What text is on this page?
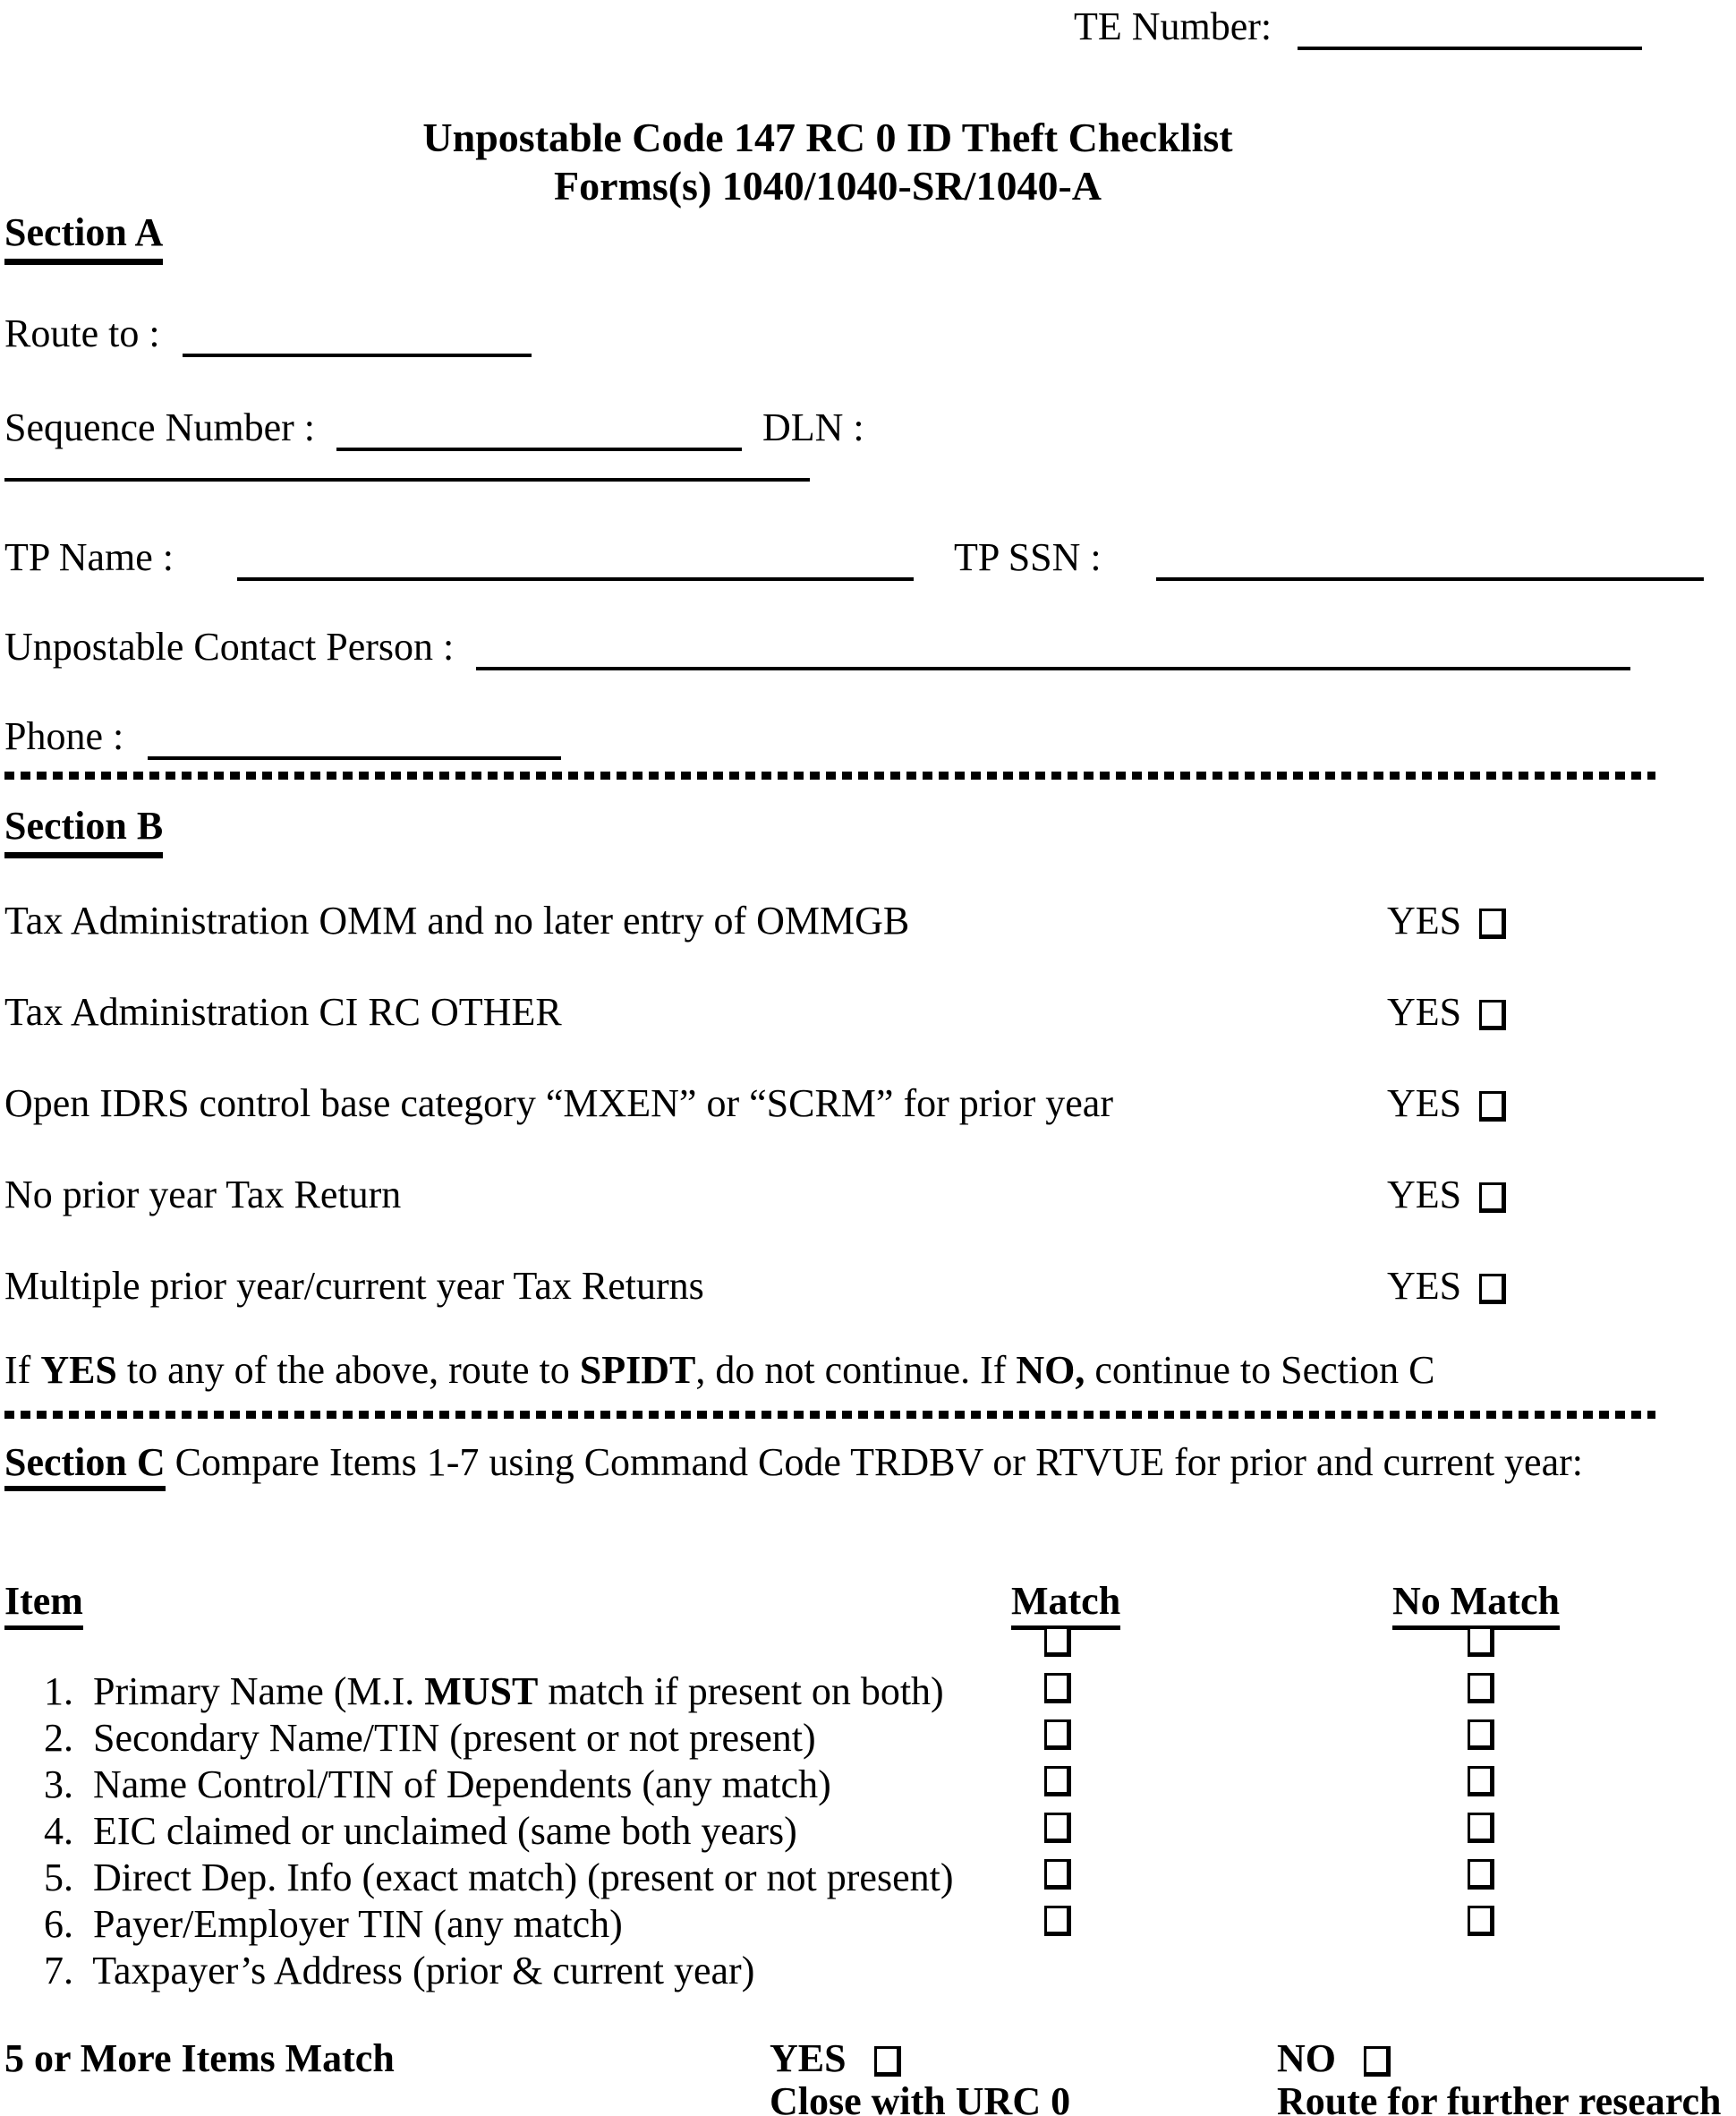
TE Number:
Unpostable Code 147 RC 0 ID Theft Checklist
Forms(s) 1040/1040-SR/1040-A
Section A
Route to :
Sequence Number :	DLN :
TP Name :	TP SSN :
Unpostable Contact Person :
Phone :
Section B
Tax Administration OMM and no later entry of OMMGB	YES
Tax Administration CI RC OTHER	YES
Open IDRS control base category “MXEN” or “SCRM” for prior year	YES
No prior year Tax Return	YES
Multiple prior year/current year Tax Returns	YES
If YES to any of the above, route to SPIDT, do not continue. If NO, continue to Section C
Section C Compare Items 1-7 using Command Code TRDBV or RTVUE for prior and current year:
Item	Match	No Match

1.  Primary Name (M.I. MUST match if present on both)

2.  Secondary Name/TIN (present or not present)

3.  Name Control/TIN of Dependents (any match)

4.  EIC claimed or unclaimed (same both years)

5.  Direct Dep. Info (exact match) (present or not present)

6.  Payer/Employer TIN (any match)

7.  Taxpayer’s Address (prior & current year)

5 or More Items Match	YES	NO
Close with URC 0	Route for further research
